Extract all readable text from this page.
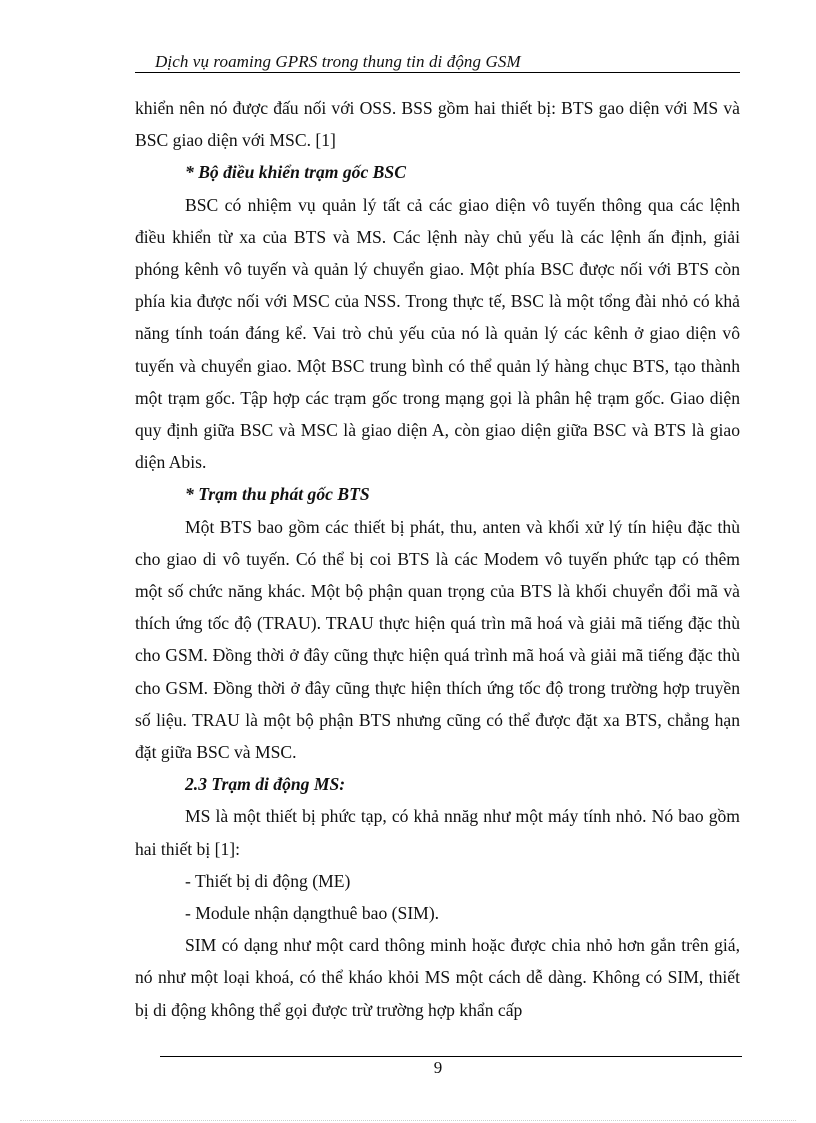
Dịch vụ roaming GPRS trong thung tin di động GSM

khiển nên nó được đấu nối với OSS. BSS gồm hai thiết bị: BTS gao diện với MS và BSC giao diện với MSC. [1]

* Bộ điều khiển trạm gốc BSC

BSC có nhiệm vụ quản lý tất cả các giao diện vô tuyến thông qua các lệnh điều khiển từ xa của BTS và MS. Các lệnh này chủ yếu là các lệnh ấn định, giải phóng kênh vô tuyến và quản lý chuyển giao. Một phía BSC được nối với BTS còn phía kia được nối với MSC của NSS. Trong thực tế, BSC là một tổng đài nhỏ có khả năng tính toán đáng kể. Vai trò chủ yếu của nó là quản lý các kênh ở giao diện vô tuyến và chuyển giao. Một BSC trung bình có thể quản lý hàng chục BTS, tạo thành một trạm gốc. Tập hợp các trạm gốc trong mạng gọi là phân hệ trạm gốc. Giao diện quy định giữa BSC và MSC là giao diện A, còn giao diện giữa BSC và BTS là giao diện Abis.

* Trạm thu phát gốc BTS

Một BTS bao gồm các thiết bị phát, thu, anten và khối xử lý tín hiệu đặc thù cho giao di vô tuyến. Có thể bị coi BTS là các Modem vô tuyến phức tạp có thêm một số chức năng khác. Một bộ phận quan trọng của BTS là khối chuyển đổi mã và thích ứng tốc độ (TRAU). TRAU thực hiện quá trìn mã hoá và giải mã tiếng đặc thù cho GSM. Đồng thời ở đây cũng thực hiện quá trình mã hoá và giải mã tiếng đặc thù cho GSM. Đồng thời ở đây cũng thực hiện thích ứng tốc độ trong trường hợp truyền số liệu. TRAU là một bộ phận BTS nhưng cũng có thể được đặt xa BTS, chẳng hạn đặt giữa BSC và MSC.

2.3 Trạm di động MS:

MS là một thiết bị phức tạp, có khả nnăg như một máy tính nhỏ. Nó bao gồm hai thiết bị [1]:

- Thiết bị di động (ME)

- Module nhận dạngthuê bao (SIM).

SIM có dạng như một card thông minh hoặc được chia nhỏ hơn gắn trên giá, nó như một loại khoá, có thể kháo khỏi MS một cách dễ dàng. Không có SIM, thiết bị di động không thể gọi được trừ trường hợp khẩn cấp

9
